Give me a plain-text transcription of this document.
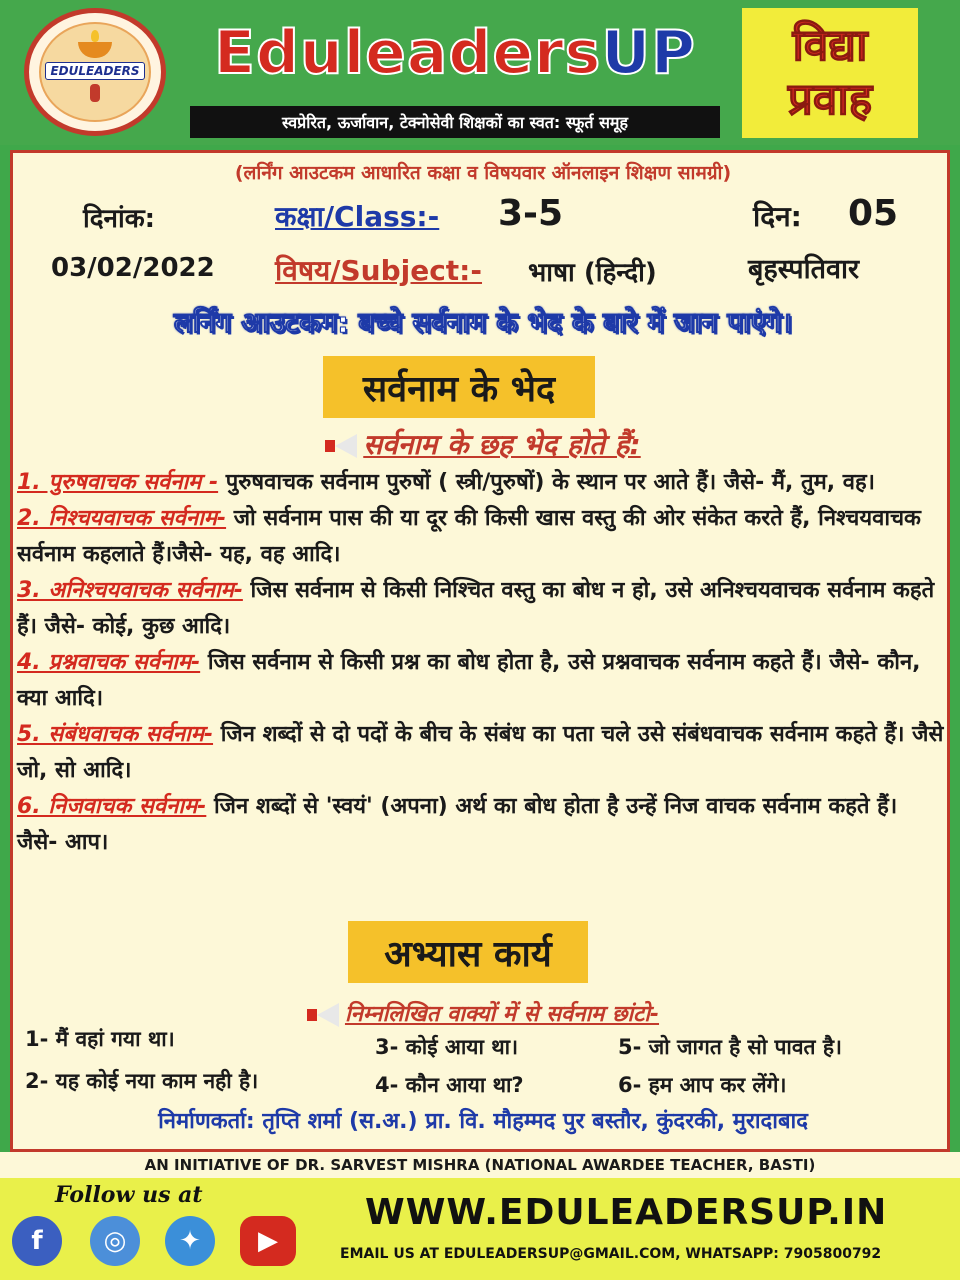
EDULEADERS Eduleaders UP
स्वप्रेरित, ऊर्जावान, टेक्नोसेवी शिक्षकों का स्वत: स्फूर्त समूह
विद्या
प्रवाह
(लर्निंग आउटकम आधारित कक्षा व विषयवार ऑनलाइन शिक्षण सामग्री)
दिनांक:
03/02/2022
कक्षा/Class:- 3-5
विषय/Subject:- भाषा (हिन्दी)
दिन: 05
बृहस्पतिवार
लर्निंग आउटकम: बच्चे सर्वनाम के भेद के बारे में जान पाएंगे।
सर्वनाम के भेद
सर्वनाम के छह भेद होते हैं:
1. पुरुषवाचक सर्वनाम - पुरुषवाचक सर्वनाम पुरुषों ( स्त्री/पुरुषों) के स्थान पर आते हैं। जैसे- मैं, तुम, वह।
2. निश्चयवाचक सर्वनाम- जो सर्वनाम पास की या दूर की किसी खास वस्तु की ओर संकेत करते हैं, निश्चयवाचक सर्वनाम कहलाते हैं।जैसे- यह, वह आदि।
3. अनिश्चयवाचक सर्वनाम- जिस सर्वनाम से किसी निश्चित वस्तु का बोध न हो, उसे अनिश्चयवाचक सर्वनाम कहते हैं। जैसे- कोई, कुछ आदि।
4. प्रश्नवाचक सर्वनाम- जिस सर्वनाम से किसी प्रश्न का बोध होता है, उसे प्रश्नवाचक सर्वनाम कहते हैं। जैसे- कौन, क्या आदि।
5. संबंधवाचक सर्वनाम- जिन शब्दों से दो पदों के बीच के संबंध का पता चले उसे संबंधवाचक सर्वनाम कहते हैं। जैसे जो, सो आदि।
6. निजवाचक सर्वनाम- जिन शब्दों से 'स्वयं' (अपना) अर्थ का बोध होता है उन्हें निज वाचक सर्वनाम कहते हैं। जैसे- आप।
अभ्यास कार्य
निम्नलिखित वाक्यों में से सर्वनाम छांटो-
1- मैं वहां गया था।
2- यह कोई नया काम नही है।
3- कोई आया था।
4- कौन आया था?
5- जो जागत है सो पावत है।
6- हम आप कर लेंगे।
निर्माणकर्ता: तृप्ति शर्मा (स.अ.) प्रा. वि. मौहम्मद पुर बस्तौर, कुंदरकी, मुरादाबाद
AN INITIATIVE OF DR. SARVEST MISHRA (NATIONAL AWARDEE TEACHER, BASTI)
Follow us at
f	◎	✦	▶
WWW.EDULEADERSUP.IN
EMAIL US AT EDULEADERSUP@GMAIL.COM, WHATSAPP: 7905800792
